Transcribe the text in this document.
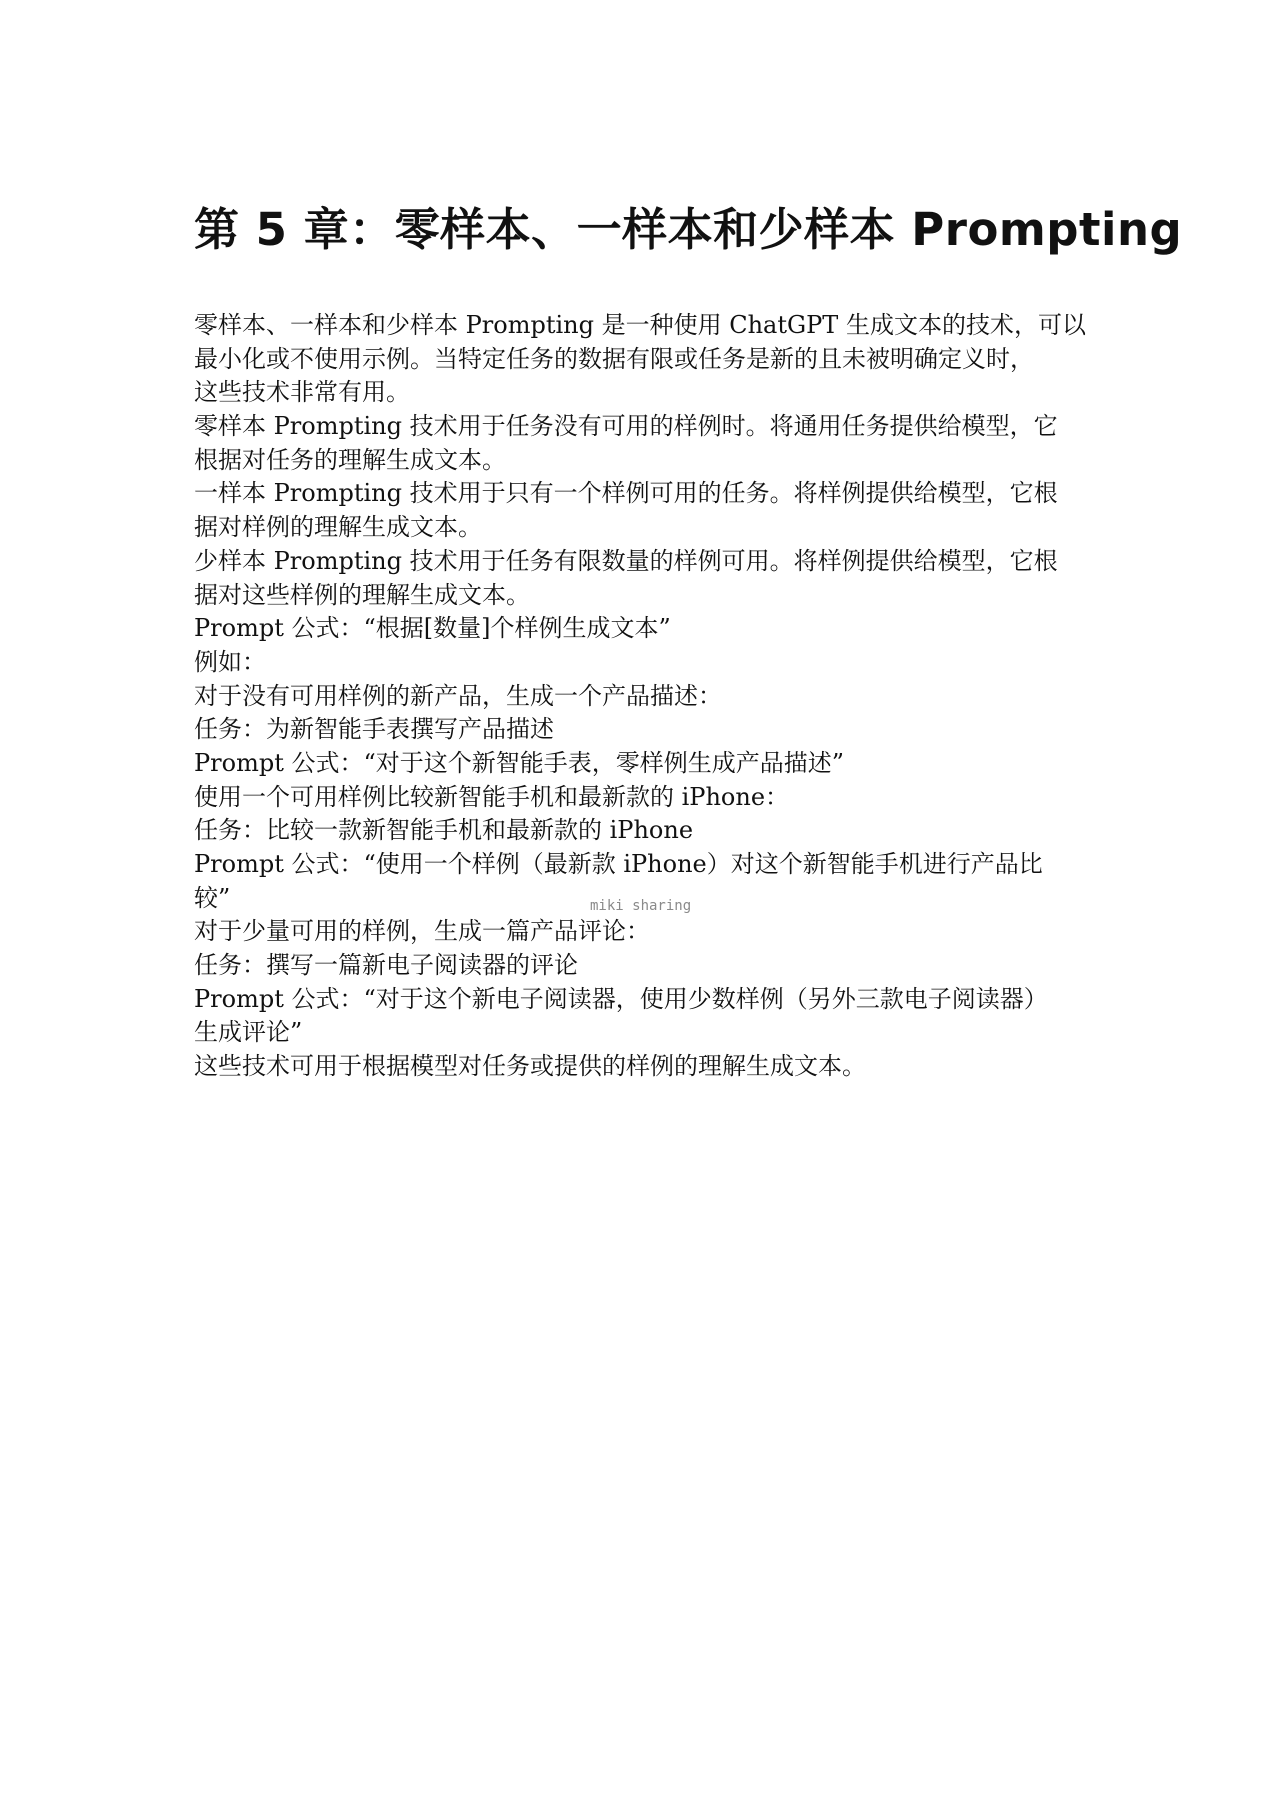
第 5 章：零样本、一样本和少样本 Prompting
零样本、一样本和少样本 Prompting 是一种使用 ChatGPT 生成文本的技术，可以
最小化或不使用示例。当特定任务的数据有限或任务是新的且未被明确定义时，
这些技术非常有用。
零样本 Prompting 技术用于任务没有可用的样例时。将通用任务提供给模型，它
根据对任务的理解生成文本。
一样本 Prompting 技术用于只有一个样例可用的任务。将样例提供给模型，它根
据对样例的理解生成文本。
少样本 Prompting 技术用于任务有限数量的样例可用。将样例提供给模型，它根
据对这些样例的理解生成文本。
Prompt 公式：“根据[数量]个样例生成文本”
例如：
对于没有可用样例的新产品，生成一个产品描述：
任务：为新智能手表撰写产品描述
Prompt 公式：“对于这个新智能手表，零样例生成产品描述”
使用一个可用样例比较新智能手机和最新款的 iPhone：
任务：比较一款新智能手机和最新款的 iPhone
Prompt 公式：“使用一个样例（最新款 iPhone）对这个新智能手机进行产品比
较”
对于少量可用的样例，生成一篇产品评论：
任务：撰写一篇新电子阅读器的评论
Prompt 公式：“对于这个新电子阅读器，使用少数样例（另外三款电子阅读器）
生成评论”
这些技术可用于根据模型对任务或提供的样例的理解生成文本。
miki sharing
